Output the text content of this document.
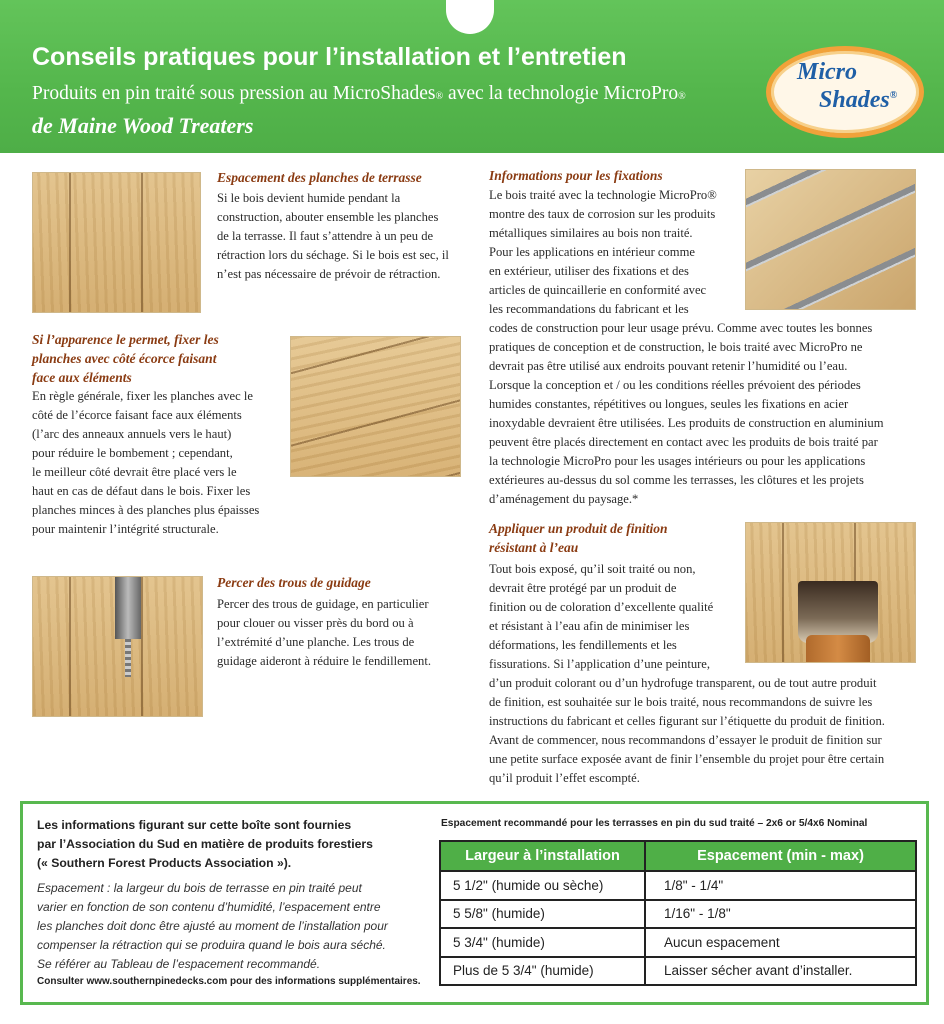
Conseils pratiques pour l’installation et l’entretien
Produits en pin traité sous pression au MicroShades® avec la technologie MicroPro®
de Maine Wood Treaters
Micro
Shades®
Espacement des planches de terrasse
Si le bois devient humide pendant la
construction, abouter ensemble les planches
de la terrasse. Il faut s’attendre à un peu de
rétraction lors du séchage. Si le bois est sec, il
n’est pas nécessaire de prévoir de rétraction.
Si l’apparence le permet, fixer les
planches avec côté écorce faisant
face aux éléments
En règle générale, fixer les planches avec le
côté de l’écorce faisant face aux éléments
(l’arc des anneaux annuels vers le haut)
pour réduire le bombement ; cependant,
le meilleur côté devrait être placé vers le
haut en cas de défaut dans le bois. Fixer les
planches minces à des planches plus épaisses
pour maintenir l’intégrité structurale.
Percer des trous de guidage
Percer des trous de guidage, en particulier
pour clouer ou visser près du bord ou à
l’extrémité d’une planche. Les trous de
guidage aideront à réduire le fendillement.
Informations pour les fixations
Le bois traité avec la technologie MicroPro®
montre des taux de corrosion sur les produits
métalliques similaires au bois non traité.
Pour les applications en intérieur comme
en extérieur, utiliser des fixations et des
articles de quincaillerie en conformité avec
les recommandations du fabricant et les
codes de construction pour leur usage prévu. Comme avec toutes les bonnes
pratiques de conception et de construction, le bois traité avec MicroPro ne
devrait pas être utilisé aux endroits pouvant retenir l’humidité ou l’eau.
Lorsque la conception et / ou les conditions réelles prévoient des périodes
humides constantes, répétitives ou longues, seules les fixations en acier
inoxydable devraient être utilisées. Les produits de construction en aluminium
peuvent être placés directement en contact avec les produits de bois traité par
la technologie MicroPro pour les usages intérieurs ou pour les applications
extérieures au-dessus du sol comme les terrasses, les clôtures et les projets
d’aménagement du paysage.*
Appliquer un produit de finition
résistant à l’eau
Tout bois exposé, qu’il soit traité ou non,
devrait être protégé par un produit de
finition ou de coloration d’excellente qualité
et résistant à l’eau afin de minimiser les
déformations, les fendillements et les
fissurations. Si l’application d’une peinture,
d’un produit colorant ou d’un hydrofuge transparent, ou de tout autre produit
de finition, est souhaitée sur le bois traité, nous recommandons de suivre les
instructions du fabricant et celles figurant sur l’étiquette du produit de finition.
Avant de commencer, nous recommandons d’essayer le produit de finition sur
une petite surface exposée avant de finir l’ensemble du projet pour être certain
qu’il produit l’effet escompté.
Les informations figurant sur cette boîte sont fournies
par l’Association du Sud en matière de produits forestiers
(« Southern Forest Products Association »).
Espacement : la largeur du bois de terrasse en pin traité peut
varier en fonction de son contenu d’humidité, l’espacement entre
les planches doit donc être ajusté au moment de l’installation pour
compenser la rétraction qui se produira quand le bois aura séché.
Se référer au Tableau de l’espacement recommandé.
Consulter www.southernpinedecks.com pour des informations supplémentaires.
Espacement recommandé pour les terrasses en pin du sud traité – 2x6 or 5/4x6 Nominal
Largeur à l’installation	Espacement (min - max)
5 1/2" (humide ou sèche)	1/8" - 1/4"
5 5/8" (humide)	1/16" - 1/8"
5 3/4" (humide)	Aucun espacement
Plus de 5 3/4" (humide)	Laisser sécher avant d’installer.
